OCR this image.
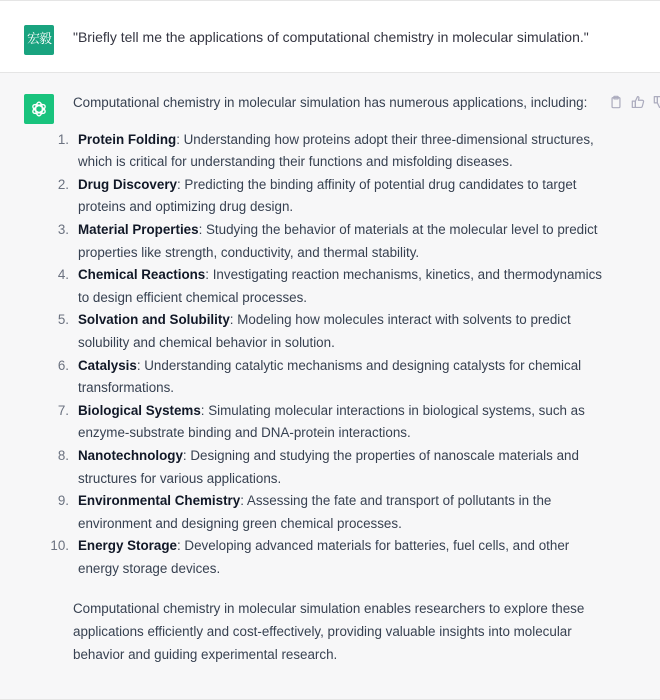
宏毅 "Briefly tell me the applications of computational chemistry in molecular simulation."

Computational chemistry in molecular simulation has numerous applications, including:

1. Protein Folding: Understanding how proteins adopt their three-dimensional structures, which is critical for understanding their functions and misfolding diseases.
2. Drug Discovery: Predicting the binding affinity of potential drug candidates to target proteins and optimizing drug design.
3. Material Properties: Studying the behavior of materials at the molecular level to predict properties like strength, conductivity, and thermal stability.
4. Chemical Reactions: Investigating reaction mechanisms, kinetics, and thermodynamics to design efficient chemical processes.
5. Solvation and Solubility: Modeling how molecules interact with solvents to predict solubility and chemical behavior in solution.
6. Catalysis: Understanding catalytic mechanisms and designing catalysts for chemical transformations.
7. Biological Systems: Simulating molecular interactions in biological systems, such as enzyme-substrate binding and DNA-protein interactions.
8. Nanotechnology: Designing and studying the properties of nanoscale materials and structures for various applications.
9. Environmental Chemistry: Assessing the fate and transport of pollutants in the environment and designing green chemical processes.
10. Energy Storage: Developing advanced materials for batteries, fuel cells, and other energy storage devices.

Computational chemistry in molecular simulation enables researchers to explore these applications efficiently and cost-effectively, providing valuable insights into molecular behavior and guiding experimental research.
